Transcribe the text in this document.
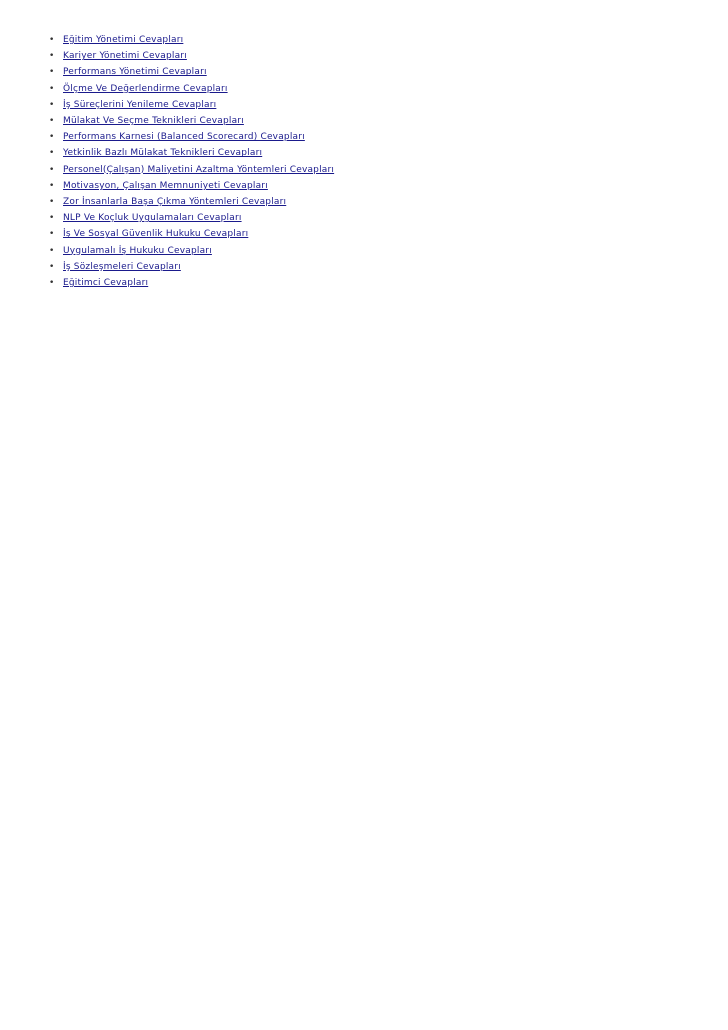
• Eğitim Yönetimi Cevapları
• Kariyer Yönetimi Cevapları
• Performans Yönetimi Cevapları
• Ölçme Ve Değerlendirme Cevapları
• İş Süreçlerini Yenileme Cevapları
• Mülakat Ve Seçme Teknikleri Cevapları
• Performans Karnesi (Balanced Scorecard) Cevapları
• Yetkinlik Bazlı Mülakat Teknikleri Cevapları
• Personel(Çalışan) Maliyetini Azaltma Yöntemleri Cevapları
• Motivasyon, Çalışan Memnuniyeti Cevapları
• Zor İnsanlarla Başa Çıkma Yöntemleri Cevapları
• NLP Ve Koçluk Uygulamaları Cevapları
• İş Ve Sosyal Güvenlik Hukuku Cevapları
• Uygulamalı İş Hukuku Cevapları
• İş Sözleşmeleri Cevapları
• Eğitimci Cevapları
